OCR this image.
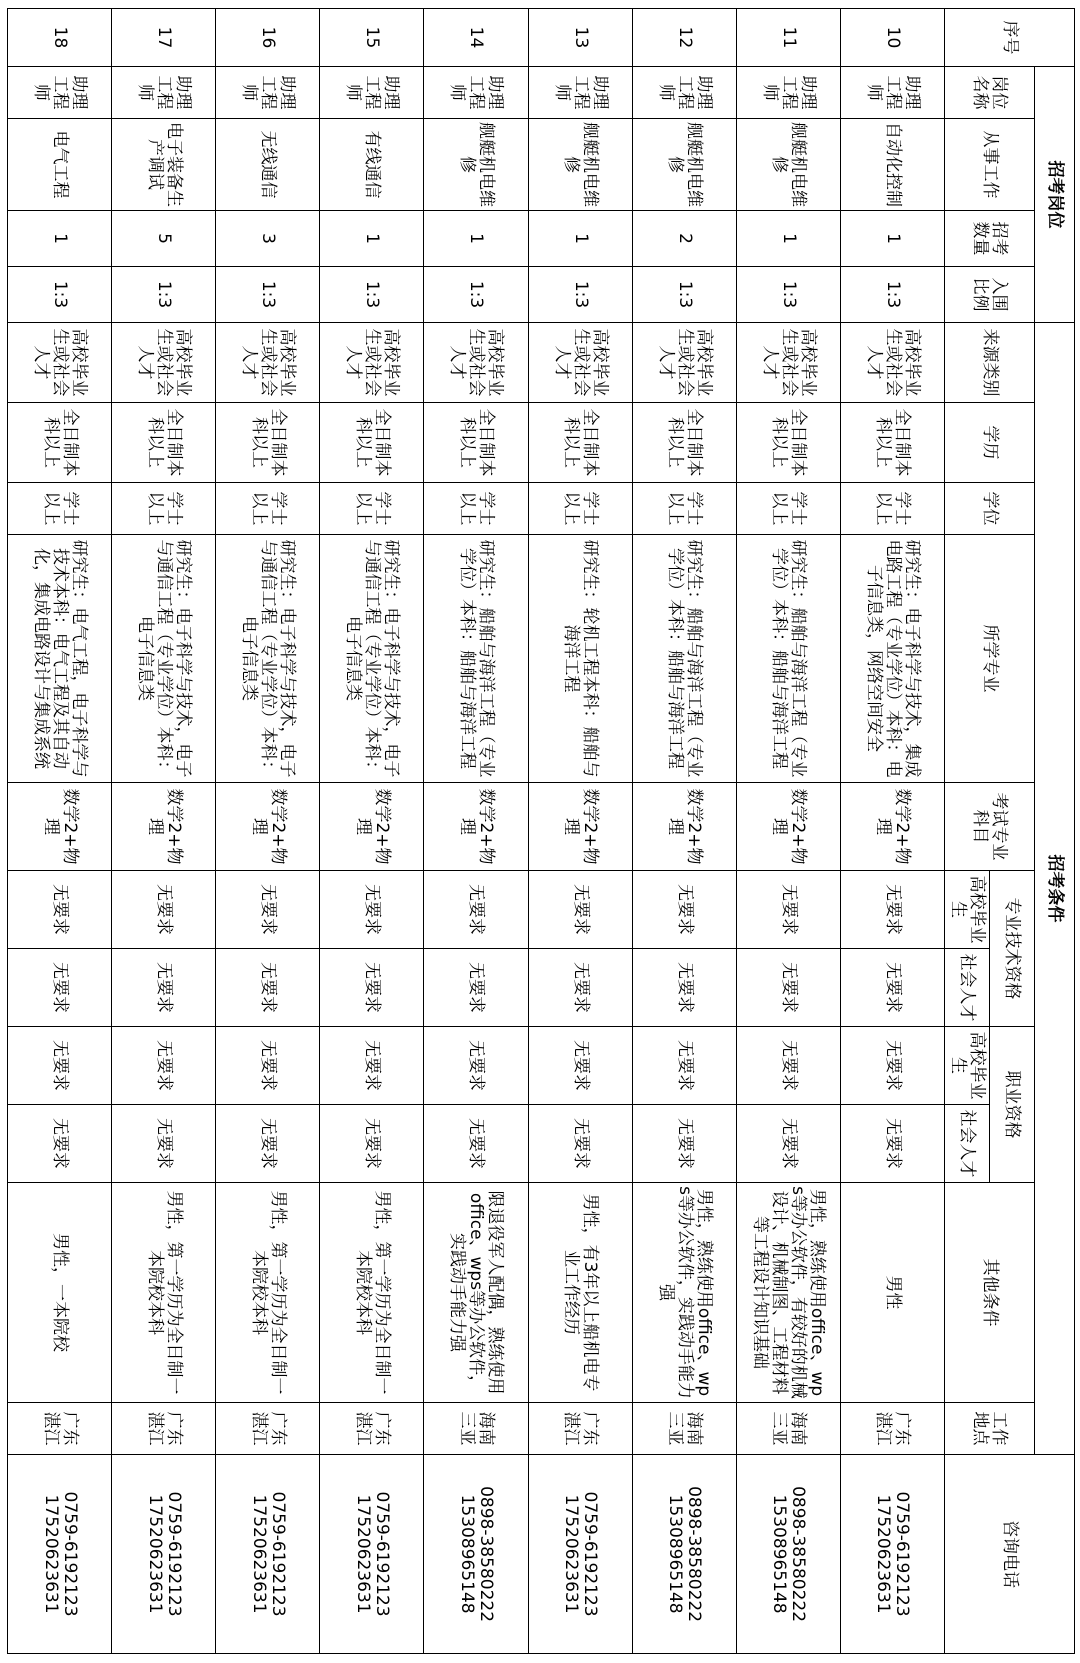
序号	招考岗位				招考条件											咨询电话
	岗位名称	从事工作	招考数量	入围比例	来源类别	学历	学位	所学专业	考试专业科目	专业技术资格		职业资格		其他条件	工作地点	
										高校毕业生	社会人才	高校毕业生	社会人才			
10	助理工程师	自动化控制	1	1:3	高校毕业生或社会人才	全日制本科以上	学士以上	研究生：电子科学与技术，集成电路工程（专业学位）本科：电子信息类，网络空间安全	数学2+物理	无要求	无要求	无要求	无要求	男性	广东湛江	0759-6192123
17520623631

11	助理工程师	舰艇机电维修	1	1:3	高校毕业生或社会人才	全日制本科以上	学士以上	研究生：船舶与海洋工程（专业学位）本科：船舶与海洋工程	数学2+物理	无要求	无要求	无要求	无要求	男性，熟练使用office、wps等办公软件，有较好的机械设计、机械制图、工程材料等工程设计知识基础	海南三亚	0898-38580222
15308965148

12	助理工程师	舰艇机电维修	2	1:3	高校毕业生或社会人才	全日制本科以上	学士以上	研究生：船舶与海洋工程（专业学位）本科：船舶与海洋工程	数学2+物理	无要求	无要求	无要求	无要求	男性，熟练使用office、wps等办公软件，实践动手能力强	海南三亚	0898-38580222
15308965148

13	助理工程师	舰艇机电维修	1	1:3	高校毕业生或社会人才	全日制本科以上	学士以上	研究生：轮机工程本科：船舶与海洋工程	数学2+物理	无要求	无要求	无要求	无要求	男性，有3年以上船机电专业工作经历	广东湛江	0759-6192123
17520623631

14	助理工程师	舰艇机电维修	1	1:3	高校毕业生或社会人才	全日制本科以上	学士以上	研究生：船舶与海洋工程（专业学位）本科：船舶与海洋工程	数学2+物理	无要求	无要求	无要求	无要求	限退役军人配偶，熟练使用office、wps等办公软件，实践动手能力强	海南三亚	0898-38580222
15308965148

15	助理工程师	有线通信	1	1:3	高校毕业生或社会人才	全日制本科以上	学士以上	研究生：电子科学与技术，电子与通信工程（专业学位）本科：电子信息类	数学2+物理	无要求	无要求	无要求	无要求	男性，第一学历为全日制一本院校本科	广东湛江	0759-6192123
17520623631

16	助理工程师	无线通信	3	1:3	高校毕业生或社会人才	全日制本科以上	学士以上	研究生：电子科学与技术，电子与通信工程（专业学位）本科：电子信息类	数学2+物理	无要求	无要求	无要求	无要求	男性，第一学历为全日制一本院校本科	广东湛江	0759-6192123
17520623631

17	助理工程师	电子装备生产调试	5	1:3	高校毕业生或社会人才	全日制本科以上	学士以上	研究生：电子科学与技术，电子与通信工程（专业学位）本科：电子信息类	数学2+物理	无要求	无要求	无要求	无要求	男性，第一学历为全日制一本院校本科	广东湛江	0759-6192123
17520623631

18	助理工程师	电气工程	1	1:3	高校毕业生或社会人才	全日制本科以上	学士以上	研究生：电气工程，电子科学与技术本科：电气工程及其自动化，集成电路设计与集成系统	数学2+物理	无要求	无要求	无要求	无要求	男性，一本院校	广东湛江	0759-6192123
17520623631
